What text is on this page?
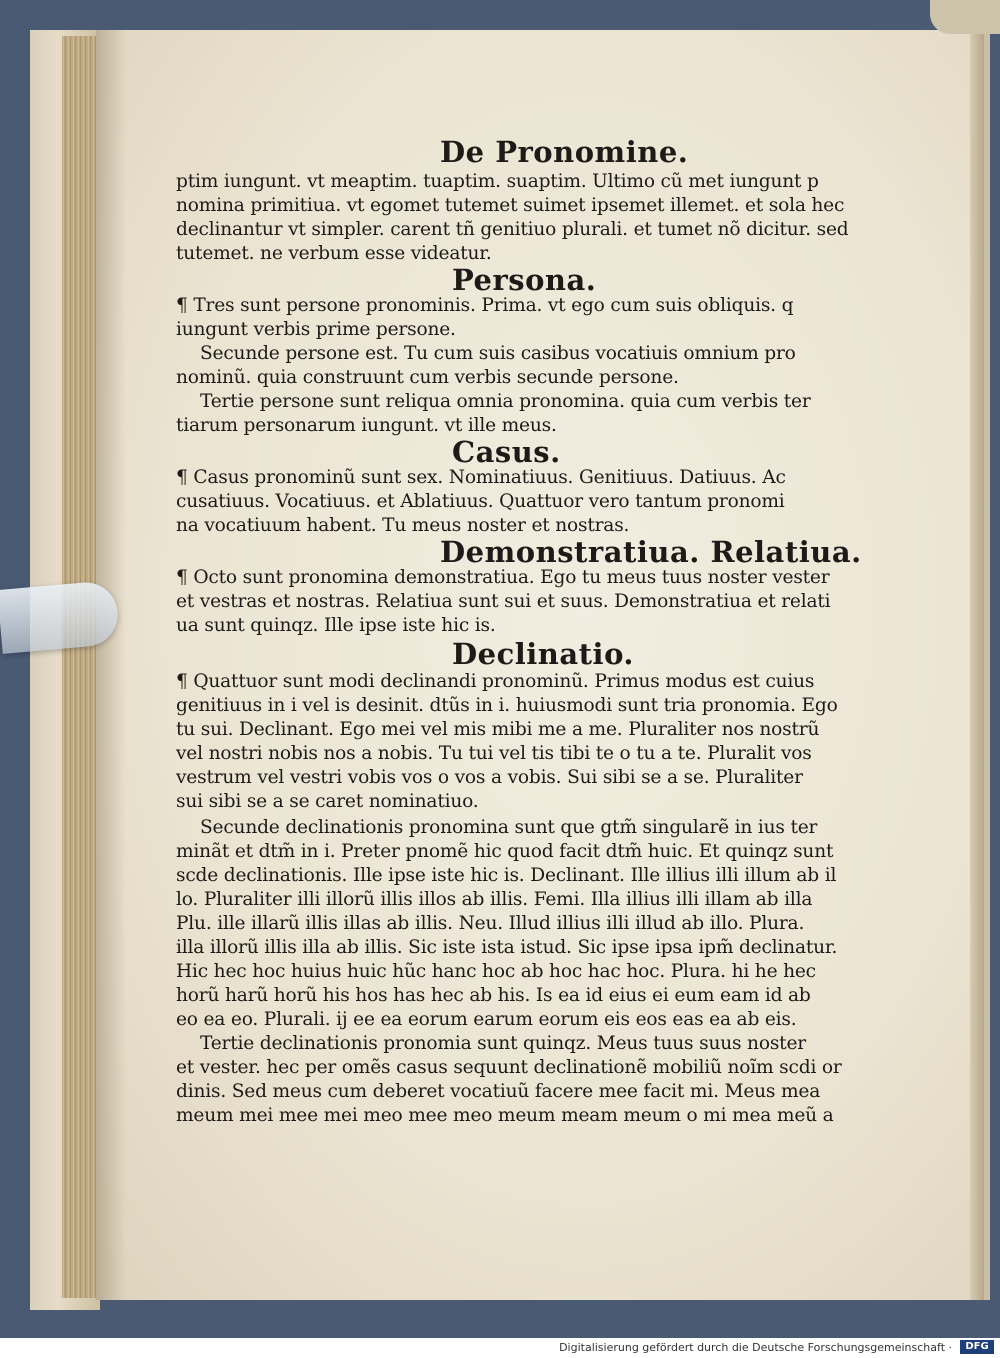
De Pronomine.
ptim iungunt. vt meaptim. tuaptim. suaptim. Ultimo cũ met iungunt p
nomina primitiua. vt egomet tutemet suimet ipsemet illemet. et sola hec
declinantur vt simpler. carent tñ genitiuo plurali. et tumet nõ dicitur. sed
tutemet. ne verbum esse videatur.
Persona.
¶ Tres sunt persone pronominis. Prima. vt ego cum suis obliquis. q
iungunt verbis prime persone.
Secunde persone est. Tu cum suis casibus vocatiuis omnium pro
nominũ. quia construunt cum verbis secunde persone.
Tertie persone sunt reliqua omnia pronomina. quia cum verbis ter
tiarum personarum iungunt. vt ille meus.
Casus.
¶ Casus pronominũ sunt sex. Nominatiuus. Genitiuus. Datiuus. Ac
cusatiuus. Vocatiuus. et Ablatiuus. Quattuor vero tantum pronomi
na vocatiuum habent. Tu meus noster et nostras.
Demonstratiua. Relatiua.
¶ Octo sunt pronomina demonstratiua. Ego tu meus tuus noster vester
et vestras et nostras. Relatiua sunt sui et suus. Demonstratiua et relati
ua sunt quinqz. Ille ipse iste hic is.
Declinatio.
¶ Quattuor sunt modi declinandi pronominũ. Primus modus est cuius
genitiuus in i vel is desinit. dtũs in i. huiusmodi sunt tria pronomia. Ego
tu sui. Declinant. Ego mei vel mis mibi me a me. Pluraliter nos nostrũ
vel nostri nobis nos a nobis. Tu tui vel tis tibi te o tu a te. Pluralit vos
vestrum vel vestri vobis vos o vos a vobis. Sui sibi se a se. Pluraliter
sui sibi se a se caret nominatiuo.
Secunde declinationis pronomina sunt que gtm̃ singularẽ in ius ter
minãt et dtm̃ in i. Preter pnomẽ hic quod facit dtm̃ huic. Et quinqz sunt
scde declinationis. Ille ipse iste hic is. Declinant. Ille illius illi illum ab il
lo. Pluraliter illi illorũ illis illos ab illis. Femi. Illa illius illi illam ab illa
Plu. ille illarũ illis illas ab illis. Neu. Illud illius illi illud ab illo. Plura.
illa illorũ illis illa ab illis. Sic iste ista istud. Sic ipse ipsa ipm̃ declinatur.
Hic hec hoc huius huic hũc hanc hoc ab hoc hac hoc. Plura. hi he hec
horũ harũ horũ his hos has hec ab his. Is ea id eius ei eum eam id ab
eo ea eo. Plurali. ij ee ea eorum earum eorum eis eos eas ea ab eis.
Tertie declinationis pronomia sunt quinqz. Meus tuus suus noster
et vester. hec per omẽs casus sequunt declinationẽ mobiliũ noĩm scdi or
dinis. Sed meus cum deberet vocatiuũ facere mee facit mi. Meus mea
meum mei mee mei meo mee meo meum meam meum o mi mea meũ a
Digitalisierung gefördert durch die Deutsche Forschungsgemeinschaft ·	DFG
